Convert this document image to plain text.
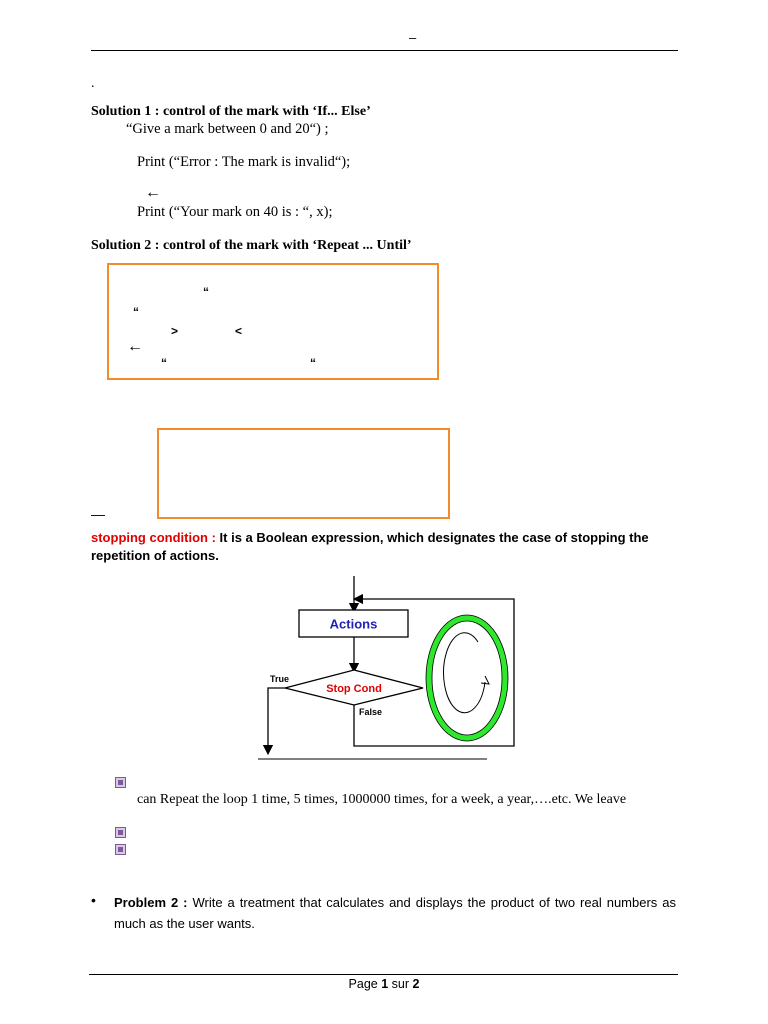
–
.
Solution 1 : control of the mark with ‘If... Else’
“Give a mark between 0 and 20“) ;
Print (“Error : The mark is invalid“);
←
Print (“Your mark on 40 is : “, x);
Solution 2 : control of the mark with ‘Repeat ... Until’
“
“
>	<
←
“	“
—
stopping condition : It is a Boolean expression, which designates the case of stopping the repetition of actions.
Actions
Stop Cond
True
False
can Repeat the loop 1 time, 5 times, 1000000 times, for a week, a year,….etc. We leave
• Problem 2 : Write a treatment that calculates and displays the product of two real numbers as much as the user wants.
Page 1 sur 2
